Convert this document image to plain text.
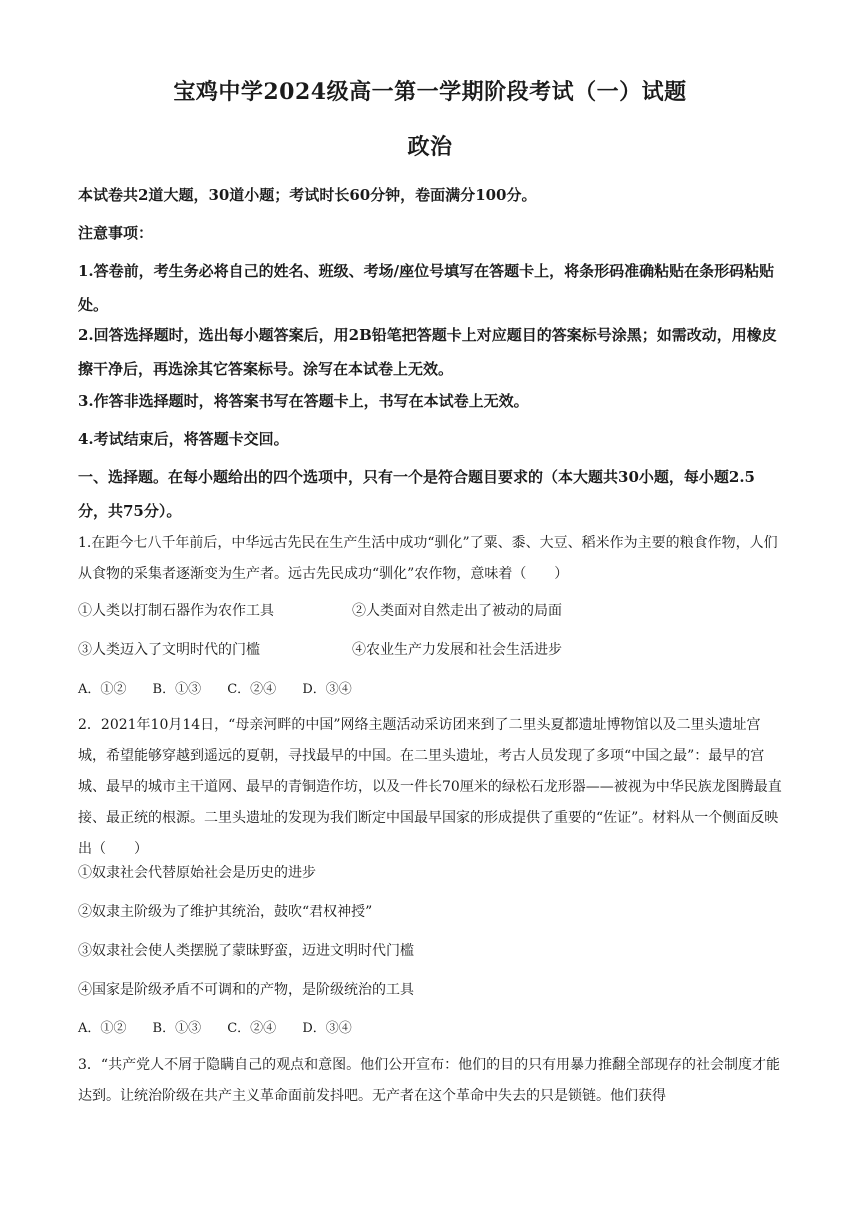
宝鸡中学2024级高一第一学期阶段考试（一）试题
政治
本试卷共2道大题，30道小题；考试时长60分钟，卷面满分100分。
注意事项：
1.答卷前，考生务必将自己的姓名、班级、考场/座位号填写在答题卡上，将条形码准确粘贴在条形码粘贴处。
2.回答选择题时，选出每小题答案后，用2B铅笔把答题卡上对应题目的答案标号涂黑；如需改动，用橡皮擦干净后，再选涂其它答案标号。涂写在本试卷上无效。
3.作答非选择题时，将答案书写在答题卡上，书写在本试卷上无效。
4.考试结束后，将答题卡交回。
一、选择题。在每小题给出的四个选项中，只有一个是符合题目要求的（本大题共30小题，每小题2.5分，共75分）。
1.在距今七八千年前后，中华远古先民在生产生活中成功“驯化”了粟、黍、大豆、稻米作为主要的粮食作物，人们从食物的采集者逐渐变为生产者。远古先民成功“驯化”农作物，意味着（　　）
①人类以打制石器作为农作工具	②人类面对自然走出了被动的局面
③人类迈入了文明时代的门槛	④农业生产力发展和社会生活进步
A．①② B．①③ C．②④ D．③④
2．2021年10月14日，“母亲河畔的中国”网络主题活动采访团来到了二里头夏都遗址博物馆以及二里头遗址宫城，希望能够穿越到遥远的夏朝，寻找最早的中国。在二里头遗址，考古人员发现了多项“中国之最”：最早的宫城、最早的城市主干道网、最早的青铜造作坊，以及一件长70厘米的绿松石龙形器——被视为中华民族龙图腾最直接、最正统的根源。二里头遗址的发现为我们断定中国最早国家的形成提供了重要的“佐证”。材料从一个侧面反映出（　　）
①奴隶社会代替原始社会是历史的进步
②奴隶主阶级为了维护其统治，鼓吹“君权神授”
③奴隶社会使人类摆脱了蒙昧野蛮，迈进文明时代门槛
④国家是阶级矛盾不可调和的产物，是阶级统治的工具
A．①② B．①③ C．②④ D．③④
3．“共产党人不屑于隐瞒自己的观点和意图。他们公开宣布：他们的目的只有用暴力推翻全部现存的社会制度才能达到。让统治阶级在共产主义革命面前发抖吧。无产者在这个革命中失去的只是锁链。他们获得
